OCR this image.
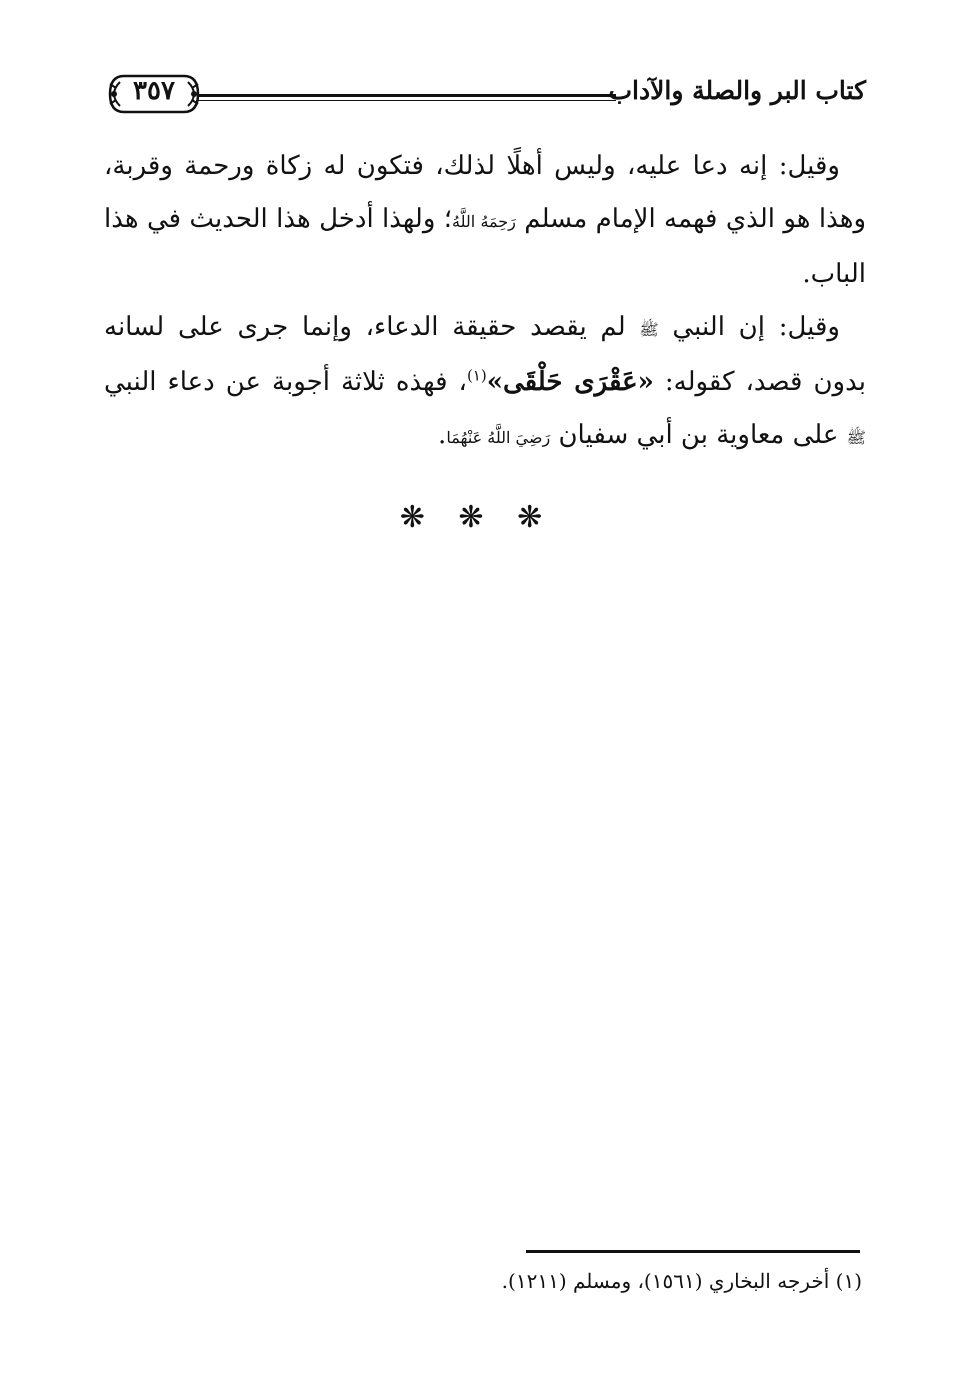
كتاب البر والصلة والآداب
٣٥٧

وقيل: إنه دعا عليه، وليس أهلًا لذلك، فتكون له زكاة ورحمة وقربة، وهذا هو الذي فهمه الإمام مسلم رَحِمَهُ اللَّهُ؛ ولهذا أدخل هذا الحديث في هذا الباب.

وقيل: إن النبي ﷺ لم يقصد حقيقة الدعاء، وإنما جرى على لسانه بدون قصد، كقوله: «عَقْرَى حَلْقَى»$^{(١)}$، فهذه ثلاثة أجوبة عن دعاء النبي ﷺ على معاوية بن أبي سفيان رَضِيَ اللَّهُ عَنْهُمَا.

❋ ❋ ❋
(١) أخرجه البخاري (١٥٦١)، ومسلم (١٢١١).
